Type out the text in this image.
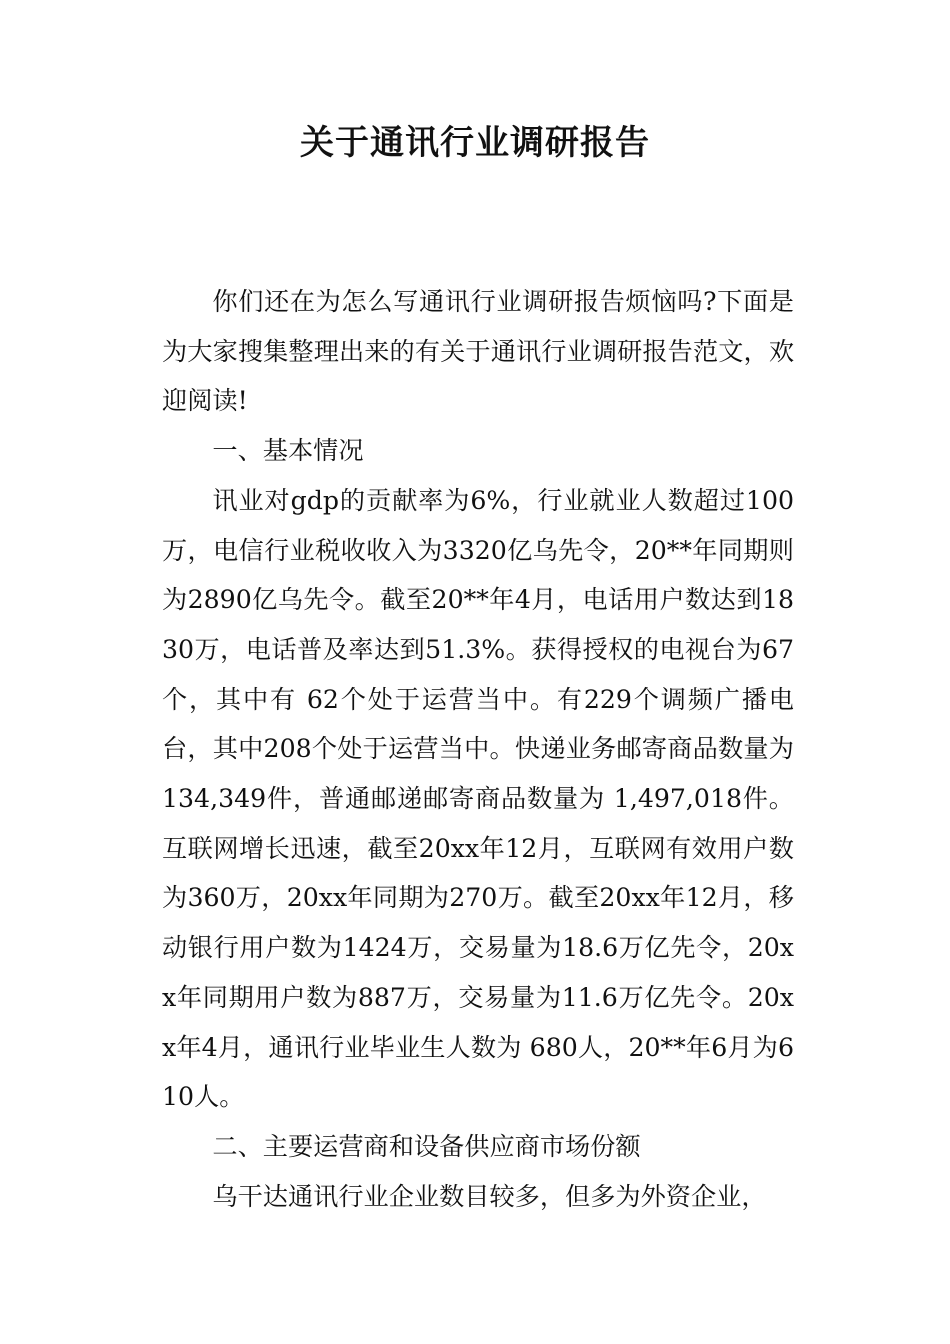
关于通讯行业调研报告

你们还在为怎么写通讯行业调研报告烦恼吗?下面是为大家搜集整理出来的有关于通讯行业调研报告范文，欢迎阅读!

一、基本情况

讯业对gdp的贡献率为6%，行业就业人数超过100万，电信行业税收收入为3320亿乌先令，20**年同期则为2890亿乌先令。截至20**年4月，电话用户数达到1830万，电话普及率达到51.3%。获得授权的电视台为67个，其中有 62个处于运营当中。有229个调频广播电台，其中208个处于运营当中。快递业务邮寄商品数量为134,349件，普通邮递邮寄商品数量为 1,497,018件。互联网增长迅速，截至20xx年12月，互联网有效用户数为360万，20xx年同期为270万。截至20xx年12月，移动银行用户数为1424万，交易量为18.6万亿先令，20xx年同期用户数为887万，交易量为11.6万亿先令。20xx年4月，通讯行业毕业生人数为 680人，20**年6月为610人。

二、主要运营商和设备供应商市场份额

乌干达通讯行业企业数目较多，但多为外资企业，
